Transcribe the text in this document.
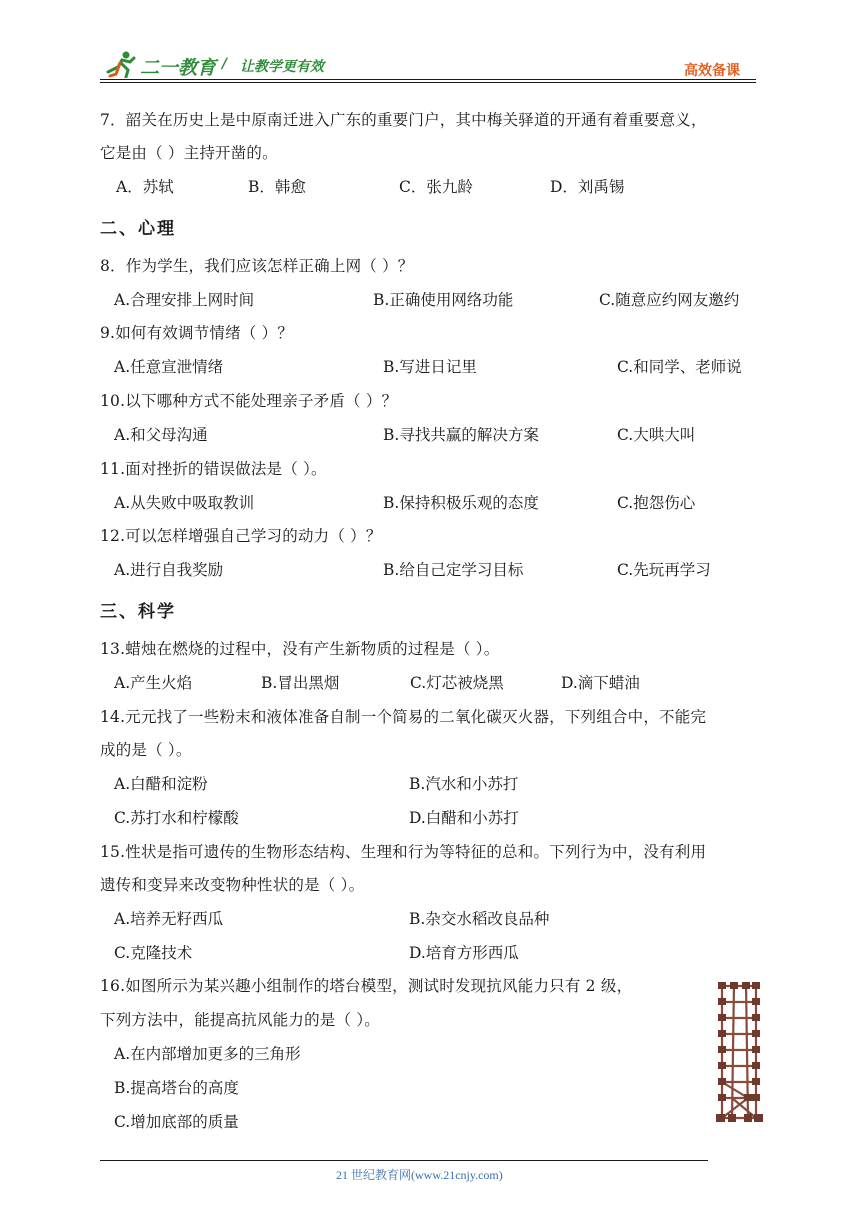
二一教育 / 让教学更有效	高效备课
7．韶关在历史上是中原南迁进入广东的重要门户，其中梅关驿道的开通有着重要意义，
它是由（ ）主持开凿的。
A．苏轼	B．韩愈	C．张九龄	D．刘禹锡
二、心理
8．作为学生，我们应该怎样正确上网（ ）？
A.合理安排上网时间	B.正确使用网络功能	C.随意应约网友邀约
9.如何有效调节情绪（ ）？
A.任意宣泄情绪	B.写进日记里	C.和同学、老师说
10.以下哪种方式不能处理亲子矛盾（ ）？
A.和父母沟通	B.寻找共赢的解决方案	C.大哄大叫
11.面对挫折的错误做法是（ ）。
A.从失败中吸取教训	B.保持积极乐观的态度	C.抱怨伤心
12.可以怎样增强自己学习的动力（ ）？
A.进行自我奖励	B.给自己定学习目标	C.先玩再学习
三、科学
13.蜡烛在燃烧的过程中，没有产生新物质的过程是（ ）。
A.产生火焰	B.冒出黑烟	C.灯芯被烧黑	D.滴下蜡油
14.元元找了一些粉末和液体准备自制一个简易的二氧化碳灭火器，下列组合中，不能完
成的是（ ）。
A.白醋和淀粉	B.汽水和小苏打
C.苏打水和柠檬酸	D.白醋和小苏打
15.性状是指可遗传的生物形态结构、生理和行为等特征的总和。下列行为中，没有利用
遗传和变异来改变物种性状的是（ ）。
A.培养无籽西瓜	B.杂交水稻改良品种
C.克隆技术	D.培育方形西瓜
16.如图所示为某兴趣小组制作的塔台模型，测试时发现抗风能力只有 2 级，
下列方法中，能提高抗风能力的是（ ）。
A.在内部增加更多的三角形
B.提高塔台的高度
C.增加底部的质量
21 世纪教育网(www.21cnjy.com)
